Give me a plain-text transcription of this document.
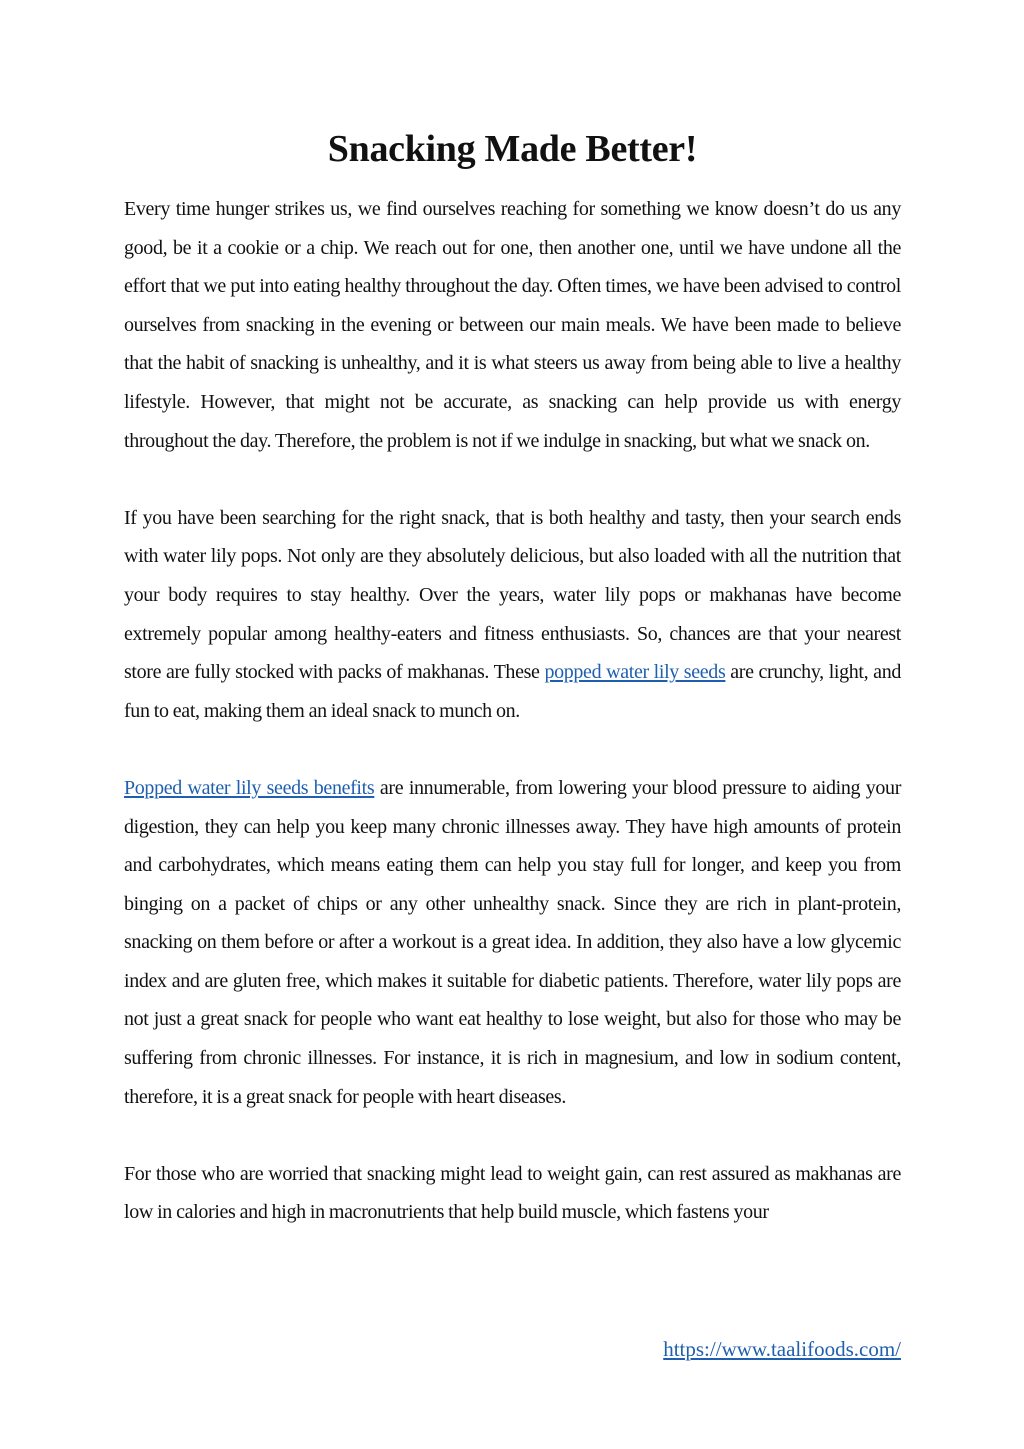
Snacking Made Better!

Every time hunger strikes us, we find ourselves reaching for something we know doesn’t do us any good, be it a cookie or a chip. We reach out for one, then another one, until we have undone all the effort that we put into eating healthy throughout the day. Often times, we have been advised to control ourselves from snacking in the evening or between our main meals. We have been made to believe that the habit of snacking is unhealthy, and it is what steers us away from being able to live a healthy lifestyle. However, that might not be accurate, as snacking can help provide us with energy throughout the day. Therefore, the problem is not if we indulge in snacking, but what we snack on.

If you have been searching for the right snack, that is both healthy and tasty, then your search ends with water lily pops. Not only are they absolutely delicious, but also loaded with all the nutrition that your body requires to stay healthy. Over the years, water lily pops or makhanas have become extremely popular among healthy-eaters and fitness enthusiasts. So, chances are that your nearest store are fully stocked with packs of makhanas. These popped water lily seeds are crunchy, light, and fun to eat, making them an ideal snack to munch on.

Popped water lily seeds benefits are innumerable, from lowering your blood pressure to aiding your digestion, they can help you keep many chronic illnesses away. They have high amounts of protein and carbohydrates, which means eating them can help you stay full for longer, and keep you from binging on a packet of chips or any other unhealthy snack. Since they are rich in plant-protein, snacking on them before or after a workout is a great idea. In addition, they also have a low glycemic index and are gluten free, which makes it suitable for diabetic patients. Therefore, water lily pops are not just a great snack for people who want eat healthy to lose weight, but also for those who may be suffering from chronic illnesses. For instance, it is rich in magnesium, and low in sodium content, therefore, it is a great snack for people with heart diseases.

For those who are worried that snacking might lead to weight gain, can rest assured as makhanas are low in calories and high in macronutrients that help build muscle, which fastens your

https://www.taalifoods.com/
